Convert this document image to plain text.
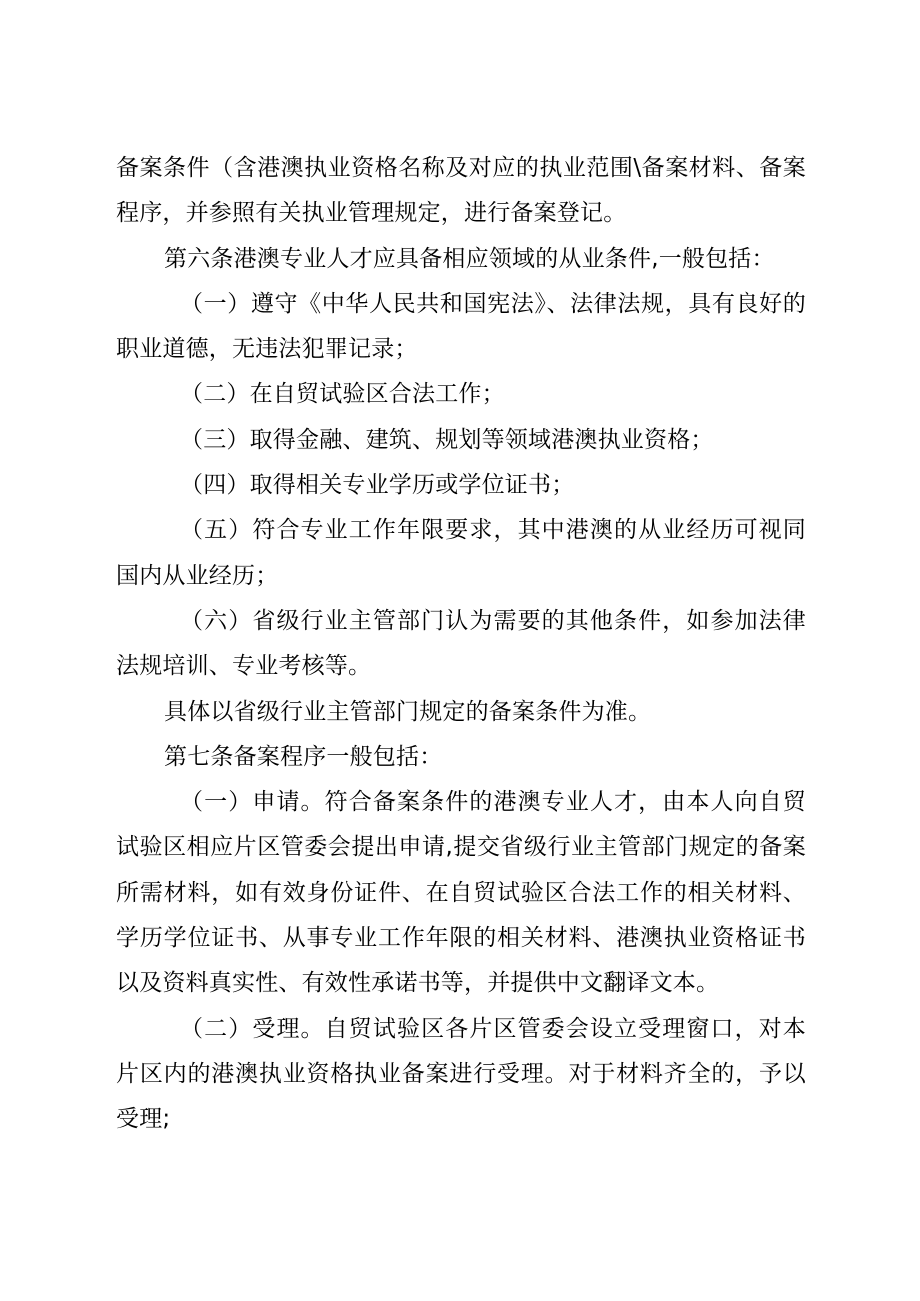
备案条件（含港澳执业资格名称及对应的执业范围\备案材料、备案程序，并参照有关执业管理规定，进行备案登记。

第六条港澳专业人才应具备相应领域的从业条件,一般包括：

（一）遵守《中华人民共和国宪法》、法律法规，具有良好的职业道德，无违法犯罪记录；

（二）在自贸试验区合法工作；

（三）取得金融、建筑、规划等领域港澳执业资格；

（四）取得相关专业学历或学位证书；

（五）符合专业工作年限要求，其中港澳的从业经历可视同国内从业经历；

（六）省级行业主管部门认为需要的其他条件，如参加法律法规培训、专业考核等。

具体以省级行业主管部门规定的备案条件为准。

第七条备案程序一般包括：

（一）申请。符合备案条件的港澳专业人才，由本人向自贸试验区相应片区管委会提出申请,提交省级行业主管部门规定的备案所需材料，如有效身份证件、在自贸试验区合法工作的相关材料、学历学位证书、从事专业工作年限的相关材料、港澳执业资格证书以及资料真实性、有效性承诺书等，并提供中文翻译文本。

（二）受理。自贸试验区各片区管委会设立受理窗口，对本片区内的港澳执业资格执业备案进行受理。对于材料齐全的，予以受理;
